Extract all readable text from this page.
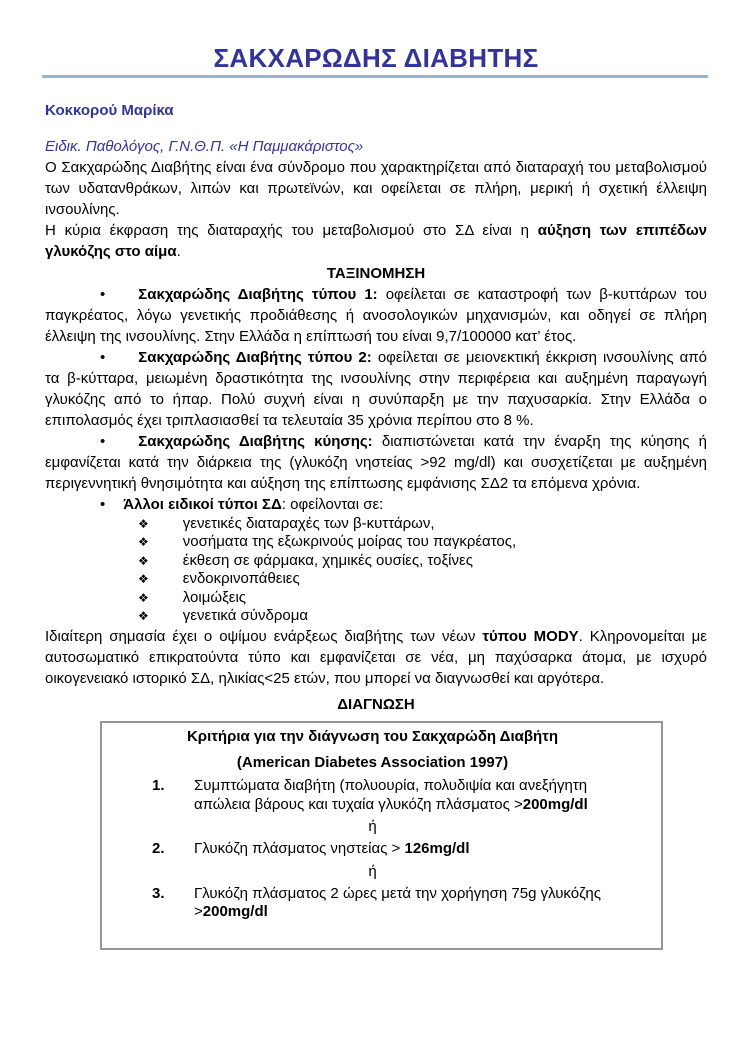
ΣΑΚΧΑΡΩΔΗΣ ΔΙΑΒΗΤΗΣ

Κοκκορού Μαρίκα

Ειδικ. Παθολόγος, Γ.Ν.Θ.Π. «Η Παμμακάριστος»

Ο Σακχαρώδης Διαβήτης είναι ένα σύνδρομο που χαρακτηρίζεται από διαταραχή του μεταβολισμού των υδατανθράκων, λιπών και πρωτεϊνών, και οφείλεται σε πλήρη, μερική ή σχετική έλλειψη ινσουλίνης.

Η κύρια έκφραση της διαταραχής του μεταβολισμού στο ΣΔ είναι η αύξηση των επιπέδων γλυκόζης στο αίμα.

ΤΑΞΙΝΟΜΗΣΗ

• Σακχαρώδης Διαβήτης τύπου 1: οφείλεται σε καταστροφή των β-κυττάρων του παγκρέατος, λόγω γενετικής προδιάθεσης ή ανοσολογικών μηχανισμών, και οδηγεί σε πλήρη έλλειψη της ινσουλίνης. Στην Ελλάδα η επίπτωσή του είναι 9,7/100000 κατ’ έτος.

• Σακχαρώδης Διαβήτης τύπου 2: οφείλεται σε μειονεκτική έκκριση ινσουλίνης από τα β-κύτταρα, μειωμένη δραστικότητα της ινσουλίνης στην περιφέρεια και αυξημένη παραγωγή γλυκόζης από το ήπαρ. Πολύ συχνή είναι η συνύπαρξη με την παχυσαρκία. Στην Ελλάδα ο επιπολασμός έχει τριπλασιασθεί τα τελευταία 35 χρόνια περίπου στο 8 %.

• Σακχαρώδης Διαβήτης κύησης: διαπιστώνεται κατά την έναρξη της κύησης ή εμφανίζεται κατά την διάρκεια της (γλυκόζη νηστείας >92 mg/dl) και συσχετίζεται με αυξημένη περιγεννητική θνησιμότητα και αύξηση της επίπτωσης εμφάνισης ΣΔ2 τα επόμενα χρόνια.

• Άλλοι ειδικοί τύποι ΣΔ: οφείλονται σε:

❖ γενετικές διαταραχές των β-κυττάρων,
❖ νοσήματα της εξωκρινούς μοίρας του παγκρέατος,
❖ έκθεση σε φάρμακα, χημικές ουσίες, τοξίνες
❖ ενδοκρινοπάθειες
❖ λοιμώξεις
❖ γενετικά σύνδρομα

Ιδιαίτερη σημασία έχει ο οψίμου ενάρξεως διαβήτης των νέων τύπου MODY. Κληρονομείται με αυτοσωματικό επικρατούντα τύπο και εμφανίζεται σε νέα, μη παχύσαρκα άτομα, με ισχυρό οικογενειακό ιστορικό ΣΔ, ηλικίας<25 ετών, που μπορεί να διαγνωσθεί και αργότερα.

ΔΙΑΓΝΩΣΗ

Κριτήρια για την διάγνωση του Σακχαρώδη Διαβήτη
(American Diabetes Association 1997)
1. Συμπτώματα διαβήτη (πολυουρία, πολυδιψία και ανεξήγητη απώλεια βάρους και τυχαία γλυκόζη πλάσματος >200mg/dl
ή
2. Γλυκόζη πλάσματος νηστείας > 126mg/dl
ή
3. Γλυκόζη πλάσματος 2 ώρες μετά την χορήγηση 75g γλυκόζης >200mg/dl
